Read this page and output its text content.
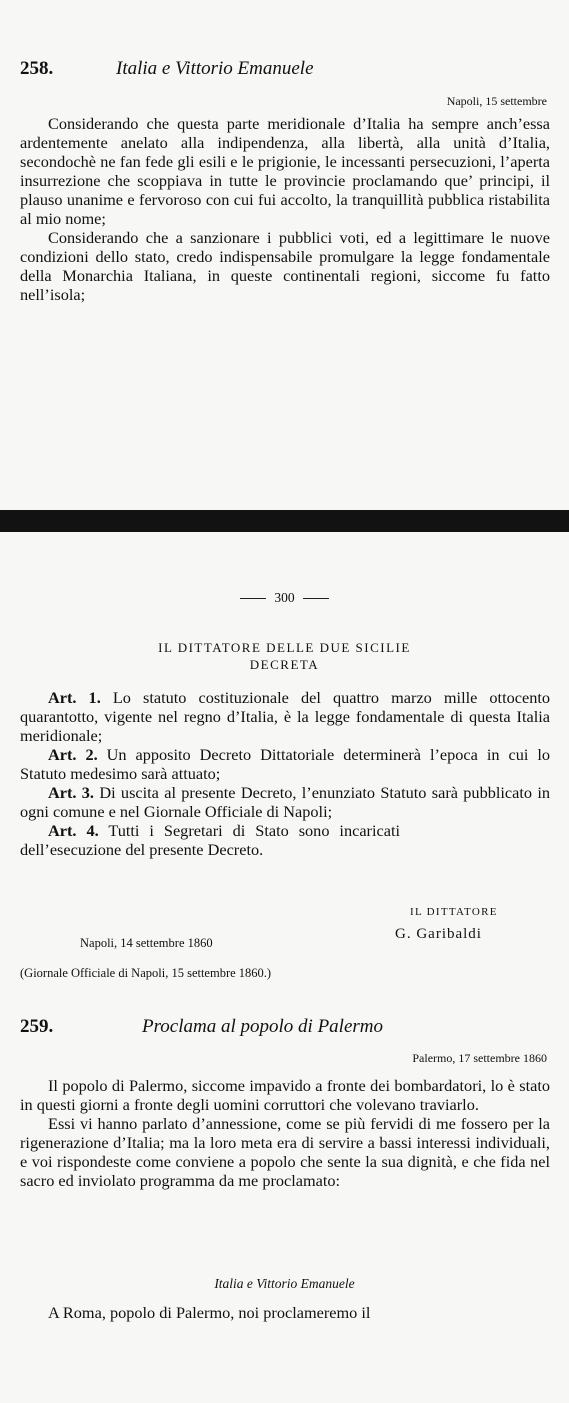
258.	Italia e Vittorio Emanuele
Napoli, 15 settembre

Considerando che questa parte meridionale d’Italia ha sempre anch’essa ardentemente anelato alla indipendenza, alla libertà, alla unità d’Italia, secondochè ne fan fede gli esili e le prigionie, le incessanti persecuzioni, l’aperta insurrezione che scoppiava in tutte le provincie proclamando que’ principi, il plauso unanime e fervoroso con cui fui accolto, la tranquillità pubblica ristabilita al mio nome;

Considerando che a sanzionare i pubblici voti, ed a legittimare le nuove condizioni dello stato, credo indispensabile promulgare la legge fondamentale della Monarchia Italiana, in queste continentali regioni, siccome fu fatto nell’isola;

300
IL DITTATORE DELLE DUE SICILIE
DECRETA

Art. 1. Lo statuto costituzionale del quattro marzo mille ottocento quarantotto, vigente nel regno d’Italia, è la legge fondamentale di questa Italia meridionale;

Art. 2. Un apposito Decreto Dittatoriale determinerà l’epoca in cui lo Statuto medesimo sarà attuato;

Art. 3. Di uscita al presente Decreto, l’enunziato Statuto sarà pubblicato in ogni comune e nel Giornale Officiale di Napoli;

Art. 4. Tutti i Segretari di Stato sono incaricati dell’esecuzione del presente Decreto.

IL DITTATORE
G. Garibaldi
Napoli, 14 settembre 1860
(Giornale Officiale di Napoli, 15 settembre 1860.)
259.	Proclama al popolo di Palermo
Palermo, 17 settembre 1860

Il popolo di Palermo, siccome impavido a fronte dei bombardatori, lo è stato in questi giorni a fronte degli uomini corruttori che volevano traviarlo.

Essi vi hanno parlato d’annessione, come se più fervidi di me fossero per la rigenerazione d’Italia; ma la loro meta era di servire a bassi interessi individuali, e voi rispondeste come conviene a popolo che sente la sua dignità, e che fida nel sacro ed inviolato programma da me proclamato:

Italia e Vittorio Emanuele

A Roma, popolo di Palermo, noi proclameremo il
